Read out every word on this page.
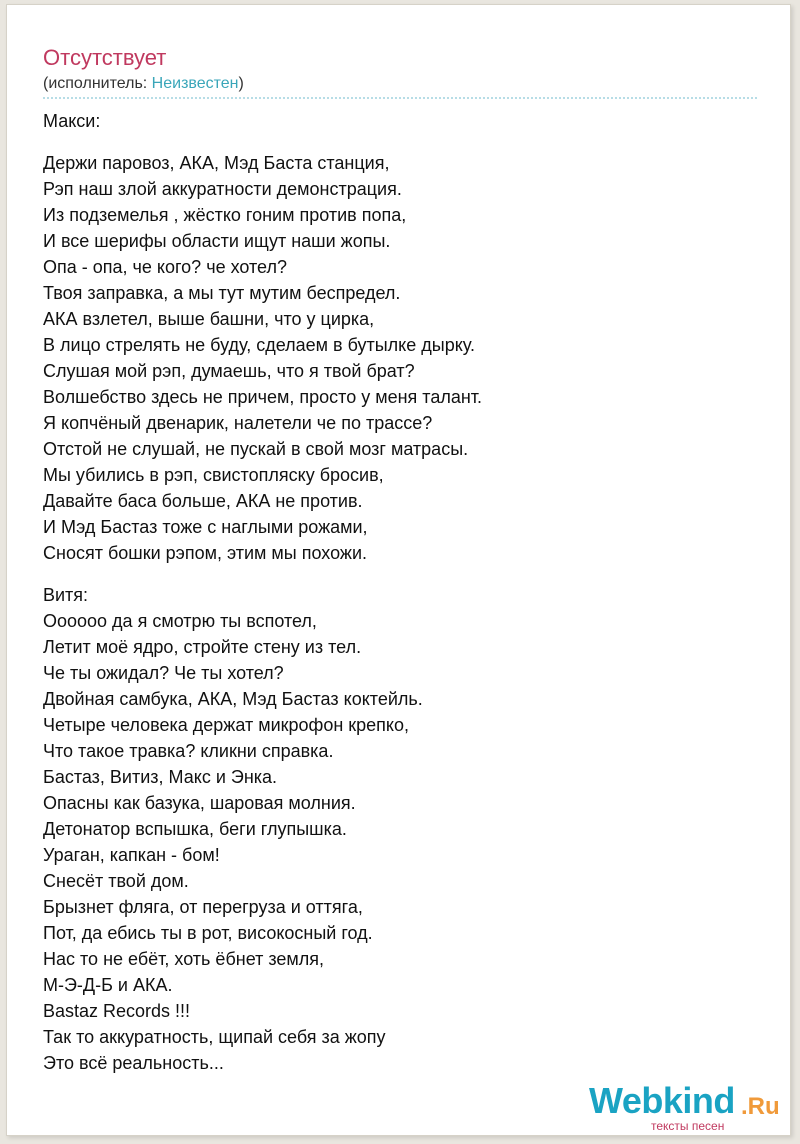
Отсутствует
(исполнитель: Неизвестен)
Макси:
Держи паровоз, АКА, Мэд Баста станция,
Рэп наш злой аккуратности демонстрация.
Из подземелья , жёстко гоним против попа,
И все шерифы области ищут наши жопы.
Опа - опа, че кого? че хотел?
Твоя заправка, а мы тут мутим беспредел.
АКА взлетел, выше башни, что у цирка,
В лицо стрелять не буду, сделаем в бутылке дырку.
Слушая мой рэп, думаешь, что я твой брат?
Волшебство здесь не причем, просто у меня талант.
Я копчёный двенарик, налетели че по трассе?
Отстой не слушай, не пускай в свой мозг матрасы.
Мы убились в рэп, свистопляску бросив,
Давайте баса больше, АКА не против.
И Мэд Бастаз тоже с наглыми рожами,
Сносят бошки рэпом, этим мы похожи.
Витя:
Оооооо да я смотрю ты вспотел,
Летит моё ядро, стройте стену из тел.
Че ты ожидал? Че ты хотел?
Двойная самбука, АКА, Мэд Бастаз коктейль.
Четыре человека держат микрофон крепко,
Что такое травка? кликни справка.
Бастаз, Витиз, Макс и Энка.
Опасны как базука, шаровая молния.
Детонатор вспышка, беги глупышка.
Ураган, капкан - бом!
Снесёт твой дом.
Брызнет фляга, от перегруза и оттяга,
Пот, да ебись ты в рот, високосный год.
Нас то не ебёт, хоть ёбнет земля,
М-Э-Д-Б и АКА.
Bastaz Records !!!
Так то аккуратность, щипай себя за жопу
Это всё реальность...
Webkind .Ru
тексты песен
